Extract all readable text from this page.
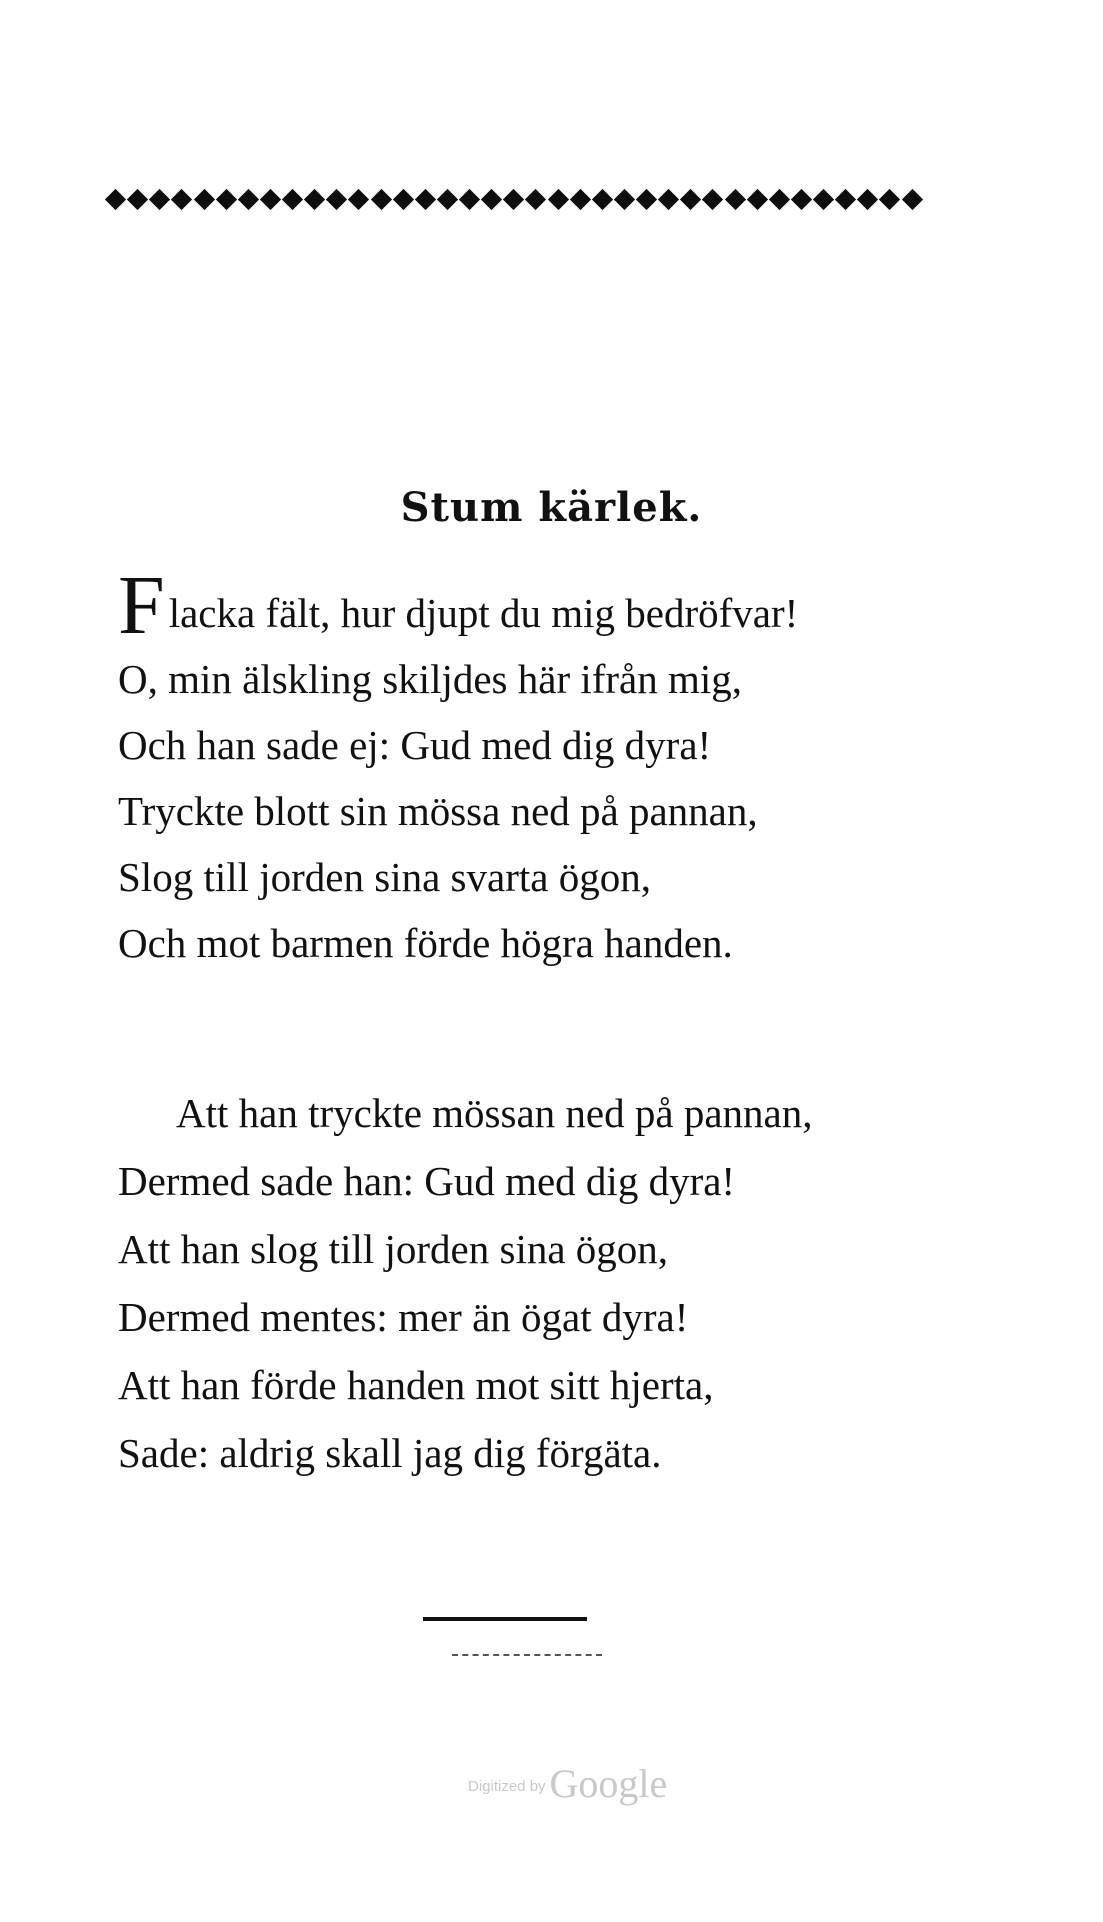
Stum kärlek.
Flacka fält, hur djupt du mig bedröfvar!
O, min älskling skiljdes här ifrån mig,
Och han sade ej: Gud med dig dyra!
Tryckte blott sin mössa ned på pannan,
Slog till jorden sina svarta ögon,
Och mot barmen förde högra handen.
Att han tryckte mössan ned på pannan,
Dermed sade han: Gud med dig dyra!
Att han slog till jorden sina ögon,
Dermed mentes: mer än ögat dyra!
Att han förde handen mot sitt hjerta,
Sade: aldrig skall jag dig förgäta.
Digitized by Google
